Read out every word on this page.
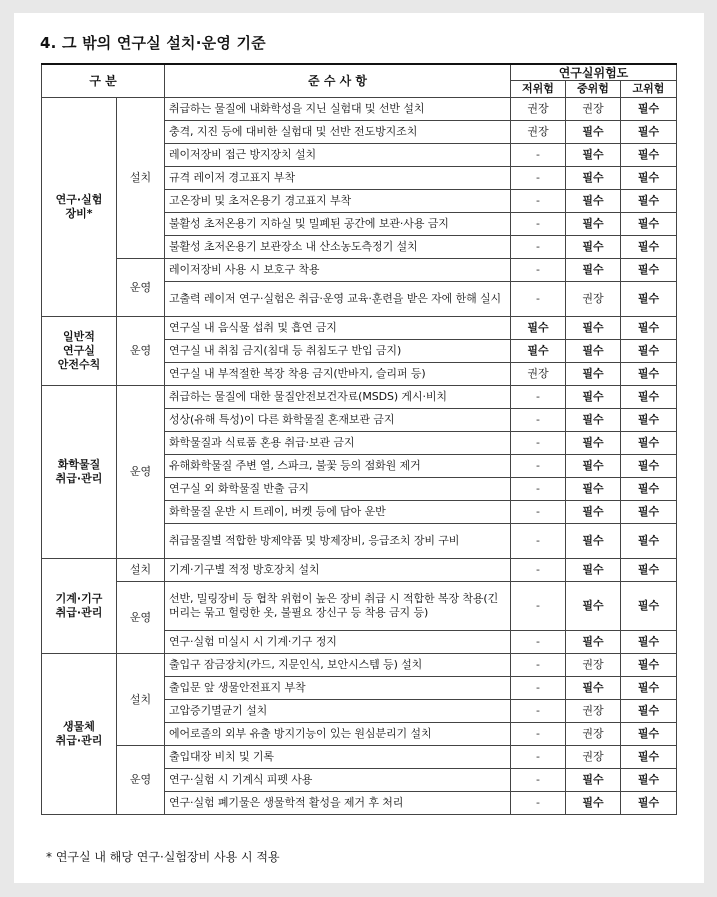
4. 그 밖의 연구실 설치·운영 기준
구 분		준 수 사 항	연구실위험도		
			저위험	중위험	고위험

연구·실험
장비*	설치	취급하는 물질에 내화학성을 지닌 실험대 및 선반 설치	권장	권장	필수
		충격, 지진 등에 대비한 실험대 및 선반 전도방지조치	권장	필수	필수
		레이저장비 접근 방지장치 설치	-	필수	필수
		규격 레이저 경고표지 부착	-	필수	필수
		고온장비 및 초저온용기 경고표지 부착	-	필수	필수
		불활성 초저온용기 지하실 및 밀폐된 공간에 보관·사용 금지	-	필수	필수
		불활성 초저온용기 보관장소 내 산소농도측정기 설치	-	필수	필수
	운영	레이저장비 사용 시 보호구 착용	-	필수	필수
		고출력 레이저 연구·실험은 취급·운영 교육·훈련을 받은 자에 한해 실시	-	권장	필수

일반적
연구실
안전수칙	운영	연구실 내 음식물 섭취 및 흡연 금지	필수	필수	필수
		연구실 내 취침 금지(침대 등 취침도구 반입 금지)	필수	필수	필수
		연구실 내 부적절한 복장 착용 금지(반바지, 슬리퍼 등)	권장	필수	필수

화학물질
취급·관리	운영	취급하는 물질에 대한 물질안전보건자료(MSDS) 게시·비치	-	필수	필수
		성상(유해 특성)이 다른 화학물질 혼재보관 금지	-	필수	필수
		화학물질과 식료품 혼용 취급·보관 금지	-	필수	필수
		유해화학물질 주변 열, 스파크, 불꽃 등의 점화원 제거	-	필수	필수
		연구실 외 화학물질 반출 금지	-	필수	필수
		화학물질 운반 시 트레이, 버켓 등에 담아 운반	-	필수	필수
		취급물질별 적합한 방제약품 및 방제장비, 응급조치 장비 구비	-	필수	필수

기계·기구
취급·관리	설치	기계·기구별 적정 방호장치 설치	-	필수	필수
	운영	선반, 밀링장비 등 협착 위험이 높은 장비 취급 시 적합한 복장 착용(긴 머리는 묶고 헐렁한 옷, 불필요 장신구 등 착용 금지 등)	-	필수	필수
		연구·실험 미실시 시 기계·기구 정지	-	필수	필수

생물체
취급·관리	설치	출입구 잠금장치(카드, 지문인식, 보안시스템 등) 설치	-	권장	필수
		출입문 앞 생물안전표지 부착	-	필수	필수
		고압증기멸균기 설치	-	권장	필수
		에어로졸의 외부 유출 방지기능이 있는 원심분리기 설치	-	권장	필수
	운영	출입대장 비치 및 기록	-	권장	필수
		연구·실험 시 기계식 피펫 사용	-	필수	필수
		연구·실험 폐기물은 생물학적 활성을 제거 후 처리	-	필수	필수

* 연구실 내 해당 연구·실험장비 사용 시 적용
